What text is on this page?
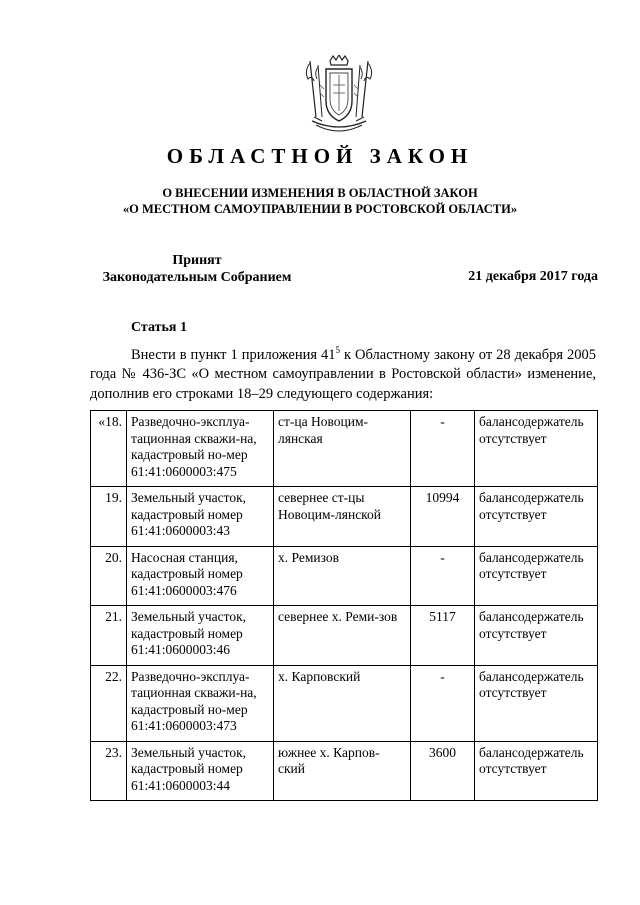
ОБЛАСТНОЙ ЗАКОН
О ВНЕСЕНИИ ИЗМЕНЕНИЯ В ОБЛАСТНОЙ ЗАКОН
«О МЕСТНОМ САМОУПРАВЛЕНИИ В РОСТОВСКОЙ ОБЛАСТИ»
Принят
Законодательным Собранием	21 декабря 2017 года
Статья 1
Внести в пункт 1 приложения $41^5$ к Областному закону от 28 декабря 2005 года № 436-ЗС «О местном самоуправлении в Ростовской области» изменение, дополнив его строками 18–29 следующего содержания:
«18.	Разведочно-эксплуа-тационная скважи-на, кадастровый но-мер 61:41:0600003:475	ст-ца Новоцим-лянская	-	балансодержатель отсутствует
19.	Земельный участок, кадастровый номер 61:41:0600003:43	севернее ст-цы Новоцим-лянской	10994	балансодержатель отсутствует
20.	Насосная станция, кадастровый номер 61:41:0600003:476	х. Ремизов	-	балансодержатель отсутствует
21.	Земельный участок, кадастровый номер 61:41:0600003:46	севернее х. Реми-зов	5117	балансодержатель отсутствует
22.	Разведочно-эксплуа-тационная скважи-на, кадастровый но-мер 61:41:0600003:473	х. Карповский	-	балансодержатель отсутствует
23.	Земельный участок, кадастровый номер 61:41:0600003:44	южнее х. Карпов-ский	3600	балансодержатель отсутствует
